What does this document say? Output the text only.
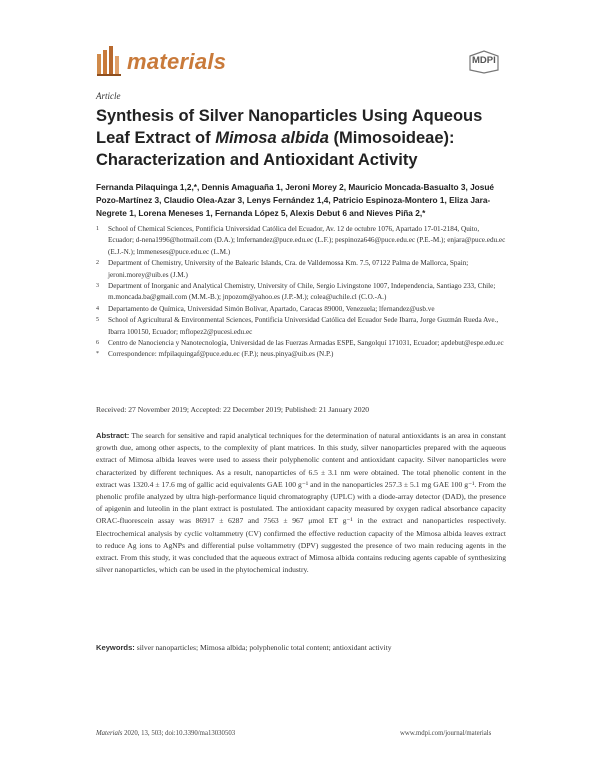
materials	MDPI
Article
Synthesis of Silver Nanoparticles Using Aqueous Leaf Extract of Mimosa albida (Mimosoideae): Characterization and Antioxidant Activity
Fernanda Pilaquinga 1,2,*, Dennis Amaguaña 1, Jeroni Morey 2, Mauricio Moncada-Basualto 3, Josué Pozo-Martínez 3, Claudio Olea-Azar 3, Lenys Fernández 1,4, Patricio Espinoza-Montero 1, Eliza Jara-Negrete 1, Lorena Meneses 1, Fernanda López 5, Alexis Debut 6 and Nieves Piña 2,*
1 School of Chemical Sciences, Pontificia Universidad Católica del Ecuador, Av. 12 de octubre 1076, Apartado 17-01-2184, Quito, Ecuador; d-nena1996@hotmail.com (D.A.); lmfernandez@puce.edu.ec (L.F.); pespinoza646@puce.edu.ec (P.E.-M.); enjara@puce.edu.ec (E.J.-N.); lmmeneses@puce.edu.ec (L.M.)
2 Department of Chemistry, University of the Balearic Islands, Cra. de Valldemossa Km. 7.5, 07122 Palma de Mallorca, Spain; jeroni.morey@uib.es (J.M.)
3 Department of Inorganic and Analytical Chemistry, University of Chile, Sergio Livingstone 1007, Independencia, Santiago 233, Chile; m.moncada.ba@gmail.com (M.M.-B.); jnpozom@yahoo.es (J.P.-M.); colea@uchile.cl (C.O.-A.)
4 Departamento de Química, Universidad Simón Bolívar, Apartado, Caracas 89000, Venezuela; lfernandez@usb.ve
5 School of Agricultural & Environmental Sciences, Pontificia Universidad Católica del Ecuador Sede Ibarra, Jorge Guzmán Rueda Ave., Ibarra 100150, Ecuador; mflopez2@pucesi.edu.ec
6 Centro de Nanociencia y Nanotecnología, Universidad de las Fuerzas Armadas ESPE, Sangolquí 171031, Ecuador; apdebut@espe.edu.ec
* Correspondence: mfpilaquingaf@puce.edu.ec (F.P.); neus.pinya@uib.es (N.P.)
Received: 27 November 2019; Accepted: 22 December 2019; Published: 21 January 2020
Abstract: The search for sensitive and rapid analytical techniques for the determination of natural antioxidants is an area in constant growth due, among other aspects, to the complexity of plant matrices. In this study, silver nanoparticles prepared with the aqueous extract of Mimosa albida leaves were used to assess their polyphenolic content and antioxidant capacity. Silver nanoparticles were characterized by different techniques. As a result, nanoparticles of 6.5 ± 3.1 nm were obtained. The total phenolic content in the extract was 1320.4 ± 17.6 mg of gallic acid equivalents GAE 100 g⁻¹ and in the nanoparticles 257.3 ± 5.1 mg GAE 100 g⁻¹. From the phenolic profile analyzed by ultra high-performance liquid chromatography (UPLC) with a diode-array detector (DAD), the presence of apigenin and luteolin in the plant extract is postulated. The antioxidant capacity measured by oxygen radical absorbance capacity ORAC-fluorescein assay was 86917 ± 6287 and 7563 ± 967 μmol ET g⁻¹ in the extract and nanoparticles respectively. Electrochemical analysis by cyclic voltammetry (CV) confirmed the effective reduction capacity of the Mimosa albida leaves extract to reduce Ag ions to AgNPs and differential pulse voltammetry (DPV) suggested the presence of two main reducing agents in the extract. From this study, it was concluded that the aqueous extract of Mimosa albida contains reducing agents capable of synthesizing silver nanoparticles, which can be used in the phytochemical industry.
Keywords: silver nanoparticles; Mimosa albida; polyphenolic total content; antioxidant activity
Materials 2020, 13, 503; doi:10.3390/ma13030503	www.mdpi.com/journal/materials
